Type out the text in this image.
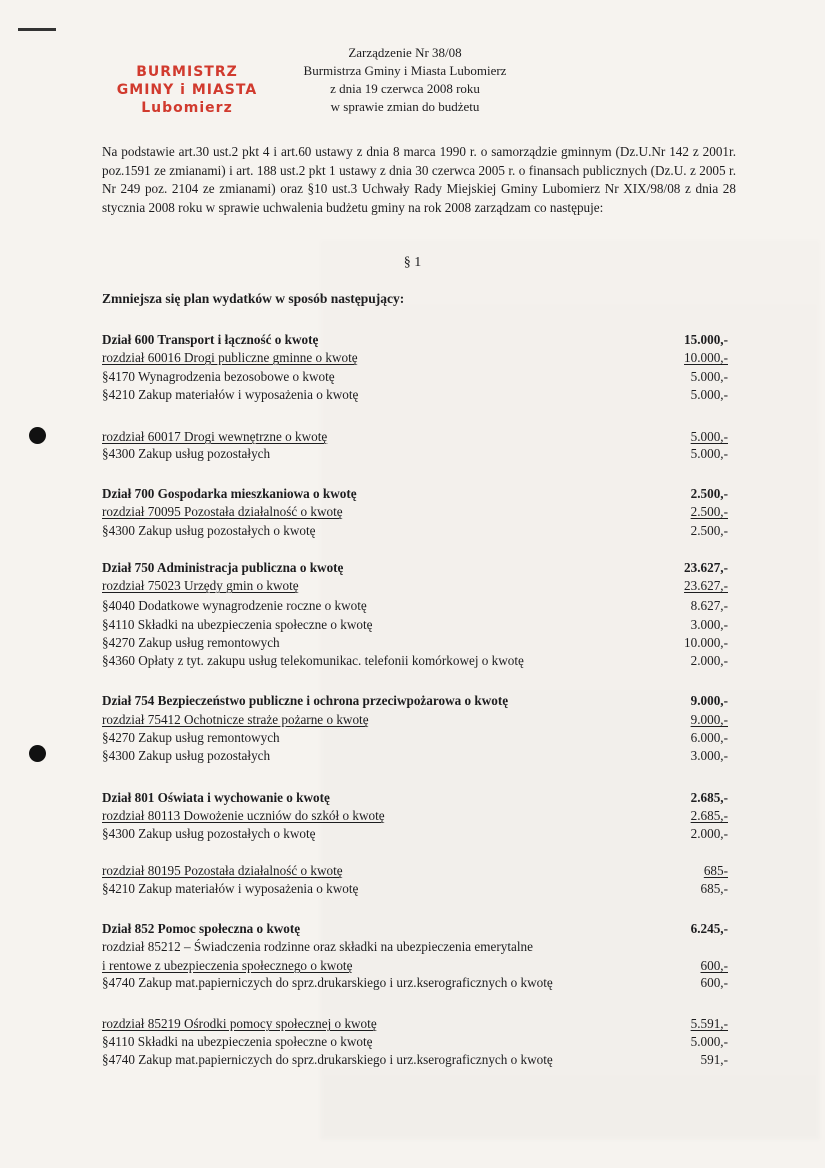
BURMISTRZ
GMINY i MIASTA
Lubomierz
Zarządzenie Nr 38/08
Burmistrza Gminy i Miasta Lubomierz
z dnia 19 czerwca 2008 roku
w sprawie zmian do budżetu
Na podstawie art.30 ust.2 pkt 4 i art.60 ustawy z dnia 8 marca 1990 r. o samorządzie gminnym (Dz.U.Nr 142 z 2001r. poz.1591 ze zmianami) i art. 188 ust.2 pkt 1 ustawy z dnia 30 czerwca 2005 r. o finansach publicznych (Dz.U. z 2005 r. Nr 249 poz. 2104 ze zmianami) oraz §10 ust.3 Uchwały Rady Miejskiej Gminy Lubomierz Nr XIX/98/08 z dnia 28 stycznia 2008 roku w sprawie uchwalenia budżetu gminy na rok 2008 zarządzam co następuje:
§ 1
Zmniejsza się plan wydatków w sposób następujący:
Dział 600 Transport i łączność o kwotę	15.000,-
rozdział 60016 Drogi publiczne gminne o kwotę	10.000,-
§4170 Wynagrodzenia bezosobowe o kwotę	5.000,-
§4210 Zakup materiałów i wyposażenia o kwotę	5.000,-
rozdział 60017 Drogi wewnętrzne o kwotę	5.000,-
§4300 Zakup usług pozostałych	5.000,-
Dział 700 Gospodarka mieszkaniowa o kwotę	2.500,-
rozdział 70095 Pozostała działalność o kwotę	2.500,-
§4300 Zakup usług pozostałych o kwotę	2.500,-
Dział 750 Administracja publiczna o kwotę	23.627,-
rozdział 75023 Urzędy gmin o kwotę	23.627,-
§4040 Dodatkowe wynagrodzenie roczne o kwotę	8.627,-
§4110 Składki na ubezpieczenia społeczne o kwotę	3.000,-
§4270 Zakup usług remontowych	10.000,-
§4360 Opłaty z tyt. zakupu usług telekomunikac. telefonii komórkowej o kwotę	2.000,-
Dział 754 Bezpieczeństwo publiczne i ochrona przeciwpożarowa o kwotę	9.000,-
rozdział 75412 Ochotnicze straże pożarne o kwotę	9.000,-
§4270 Zakup usług remontowych	6.000,-
§4300 Zakup usług pozostałych	3.000,-
Dział 801 Oświata i wychowanie o kwotę	2.685,-
rozdział 80113 Dowożenie uczniów do szkół o kwotę	2.685,-
§4300 Zakup usług pozostałych o kwotę	2.000,-
rozdział 80195 Pozostała działalność o kwotę	685-
§4210 Zakup materiałów i wyposażenia o kwotę	685,-
Dział 852 Pomoc społeczna o kwotę	6.245,-
rozdział 85212 – Świadczenia rodzinne oraz składki na ubezpieczenia emerytalne
i rentowe z ubezpieczenia społecznego o kwotę	600,-
§4740 Zakup mat.papierniczych do sprz.drukarskiego i urz.kserograficznych o kwotę	600,-
rozdział 85219 Ośrodki pomocy społecznej o kwotę	5.591,-
§4110 Składki na ubezpieczenia społeczne o kwotę	5.000,-
§4740 Zakup mat.papierniczych do sprz.drukarskiego i urz.kserograficznych o kwotę	591,-
